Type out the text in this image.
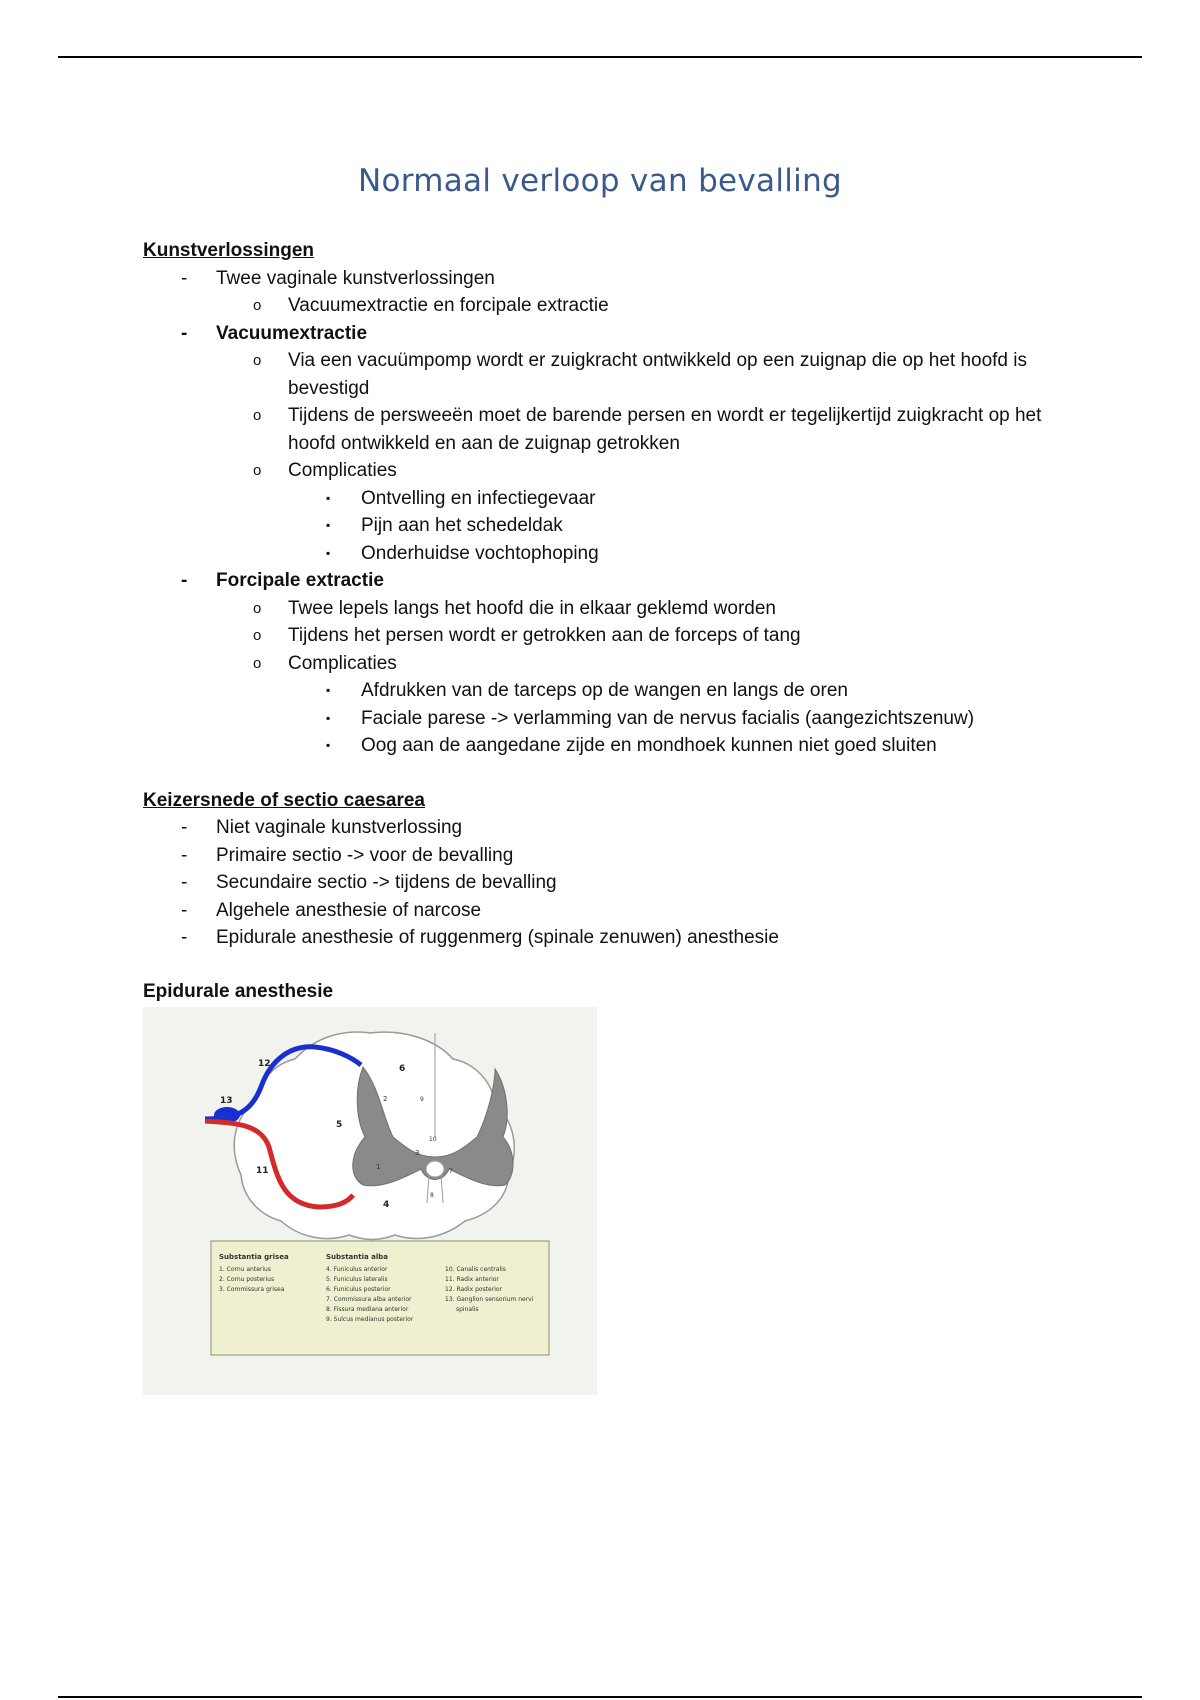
Normaal verloop van bevalling
Kunstverlossingen
- Twee vaginale kunstverlossingen
o Vacuumextractie en forcipale extractie
- Vacuumextractie
o Via een vacuümpomp wordt er zuigkracht ontwikkeld op een zuignap die op het hoofd is bevestigd
o Tijdens de persweeën moet de barende persen en wordt er tegelijkertijd zuigkracht op het hoofd ontwikkeld en aan de zuignap getrokken
o Complicaties
▪ Ontvelling en infectiegevaar
▪ Pijn aan het schedeldak
▪ Onderhuidse vochtophoping
- Forcipale extractie
o Twee lepels langs het hoofd die in elkaar geklemd worden
o Tijdens het persen wordt er getrokken aan de forceps of tang
o Complicaties
▪ Afdrukken van de tarceps op de wangen en langs de oren
▪ Faciale parese -> verlamming van de nervus facialis (aangezichtszenuw)
▪ Oog aan de aangedane zijde en mondhoek kunnen niet goed sluiten
Keizersnede of sectio caesarea
- Niet vaginale kunstverlossing
- Primaire sectio -> voor de bevalling
- Secundaire sectio -> tijdens de bevalling
- Algehele anesthesie of narcose
- Epidurale anesthesie of ruggenmerg (spinale zenuwen) anesthesie
Epidurale anesthesie
12
13
6
5
11
4
1
2
3
7
8
9
10
Substantia grisea
1. Cornu anterius
2. Cornu posterius
3. Commissura grisea
Substantia alba
4. Funiculus anterior
5. Funiculus lateralis
6. Funiculus posterior
7. Commissura alba anterior
8. Fissura mediana anterior
9. Sulcus medianus posterior
10. Canalis centralis
11. Radix anterior
12. Radix posterior
13. Ganglion sensorium nervi
spinalis
